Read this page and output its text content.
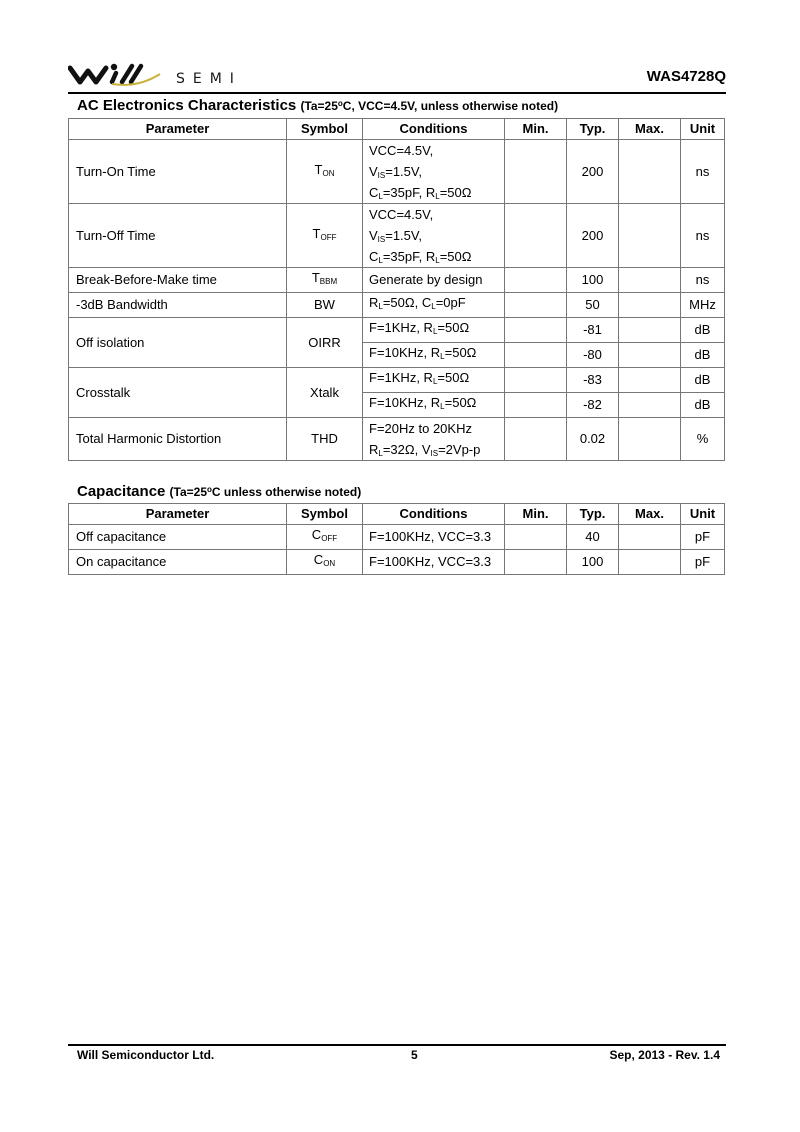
SEMI	WAS4728Q
AC Electronics Characteristics ($Ta=25^oC$, VCC=4.5V, unless otherwise noted)
Parameter	Symbol	Conditions	Min.	Typ.	Max.	Unit
Turn-On Time	$T_{ON}$	VCC=4.5V,
$V_{IS}=1.5V$,
$C_L=35pF$, $R_L=50\Omega$		200		ns
Turn-Off Time	$T_{OFF}$	VCC=4.5V,
$V_{IS}=1.5V$,
$C_L=35pF$, $R_L=50\Omega$		200		ns
Break-Before-Make time	$T_{BBM}$	Generate by design		100		ns
-3dB Bandwidth	BW	$R_L=50\Omega$, $C_L=0pF$		50		MHz
Off isolation	OIRR	F=1KHz, $R_L=50\Omega$		-81		dB
		F=10KHz, $R_L=50\Omega$		-80		dB
Crosstalk	Xtalk	F=1KHz, $R_L=50\Omega$		-83		dB
		F=10KHz, $R_L=50\Omega$		-82		dB
Total Harmonic Distortion	THD	F=20Hz to 20KHz
$R_L=32\Omega$, $V_{IS}=2Vp-p$		0.02		%
Capacitance ($Ta=25^oC$ unless otherwise noted)
Parameter	Symbol	Conditions	Min.	Typ.	Max.	Unit
Off capacitance	$C_{OFF}$	F=100KHz, VCC=3.3		40		pF
On capacitance	$C_{ON}$	F=100KHz, VCC=3.3		100		pF
Will Semiconductor Ltd.	5	Sep, 2013 - Rev. 1.4
